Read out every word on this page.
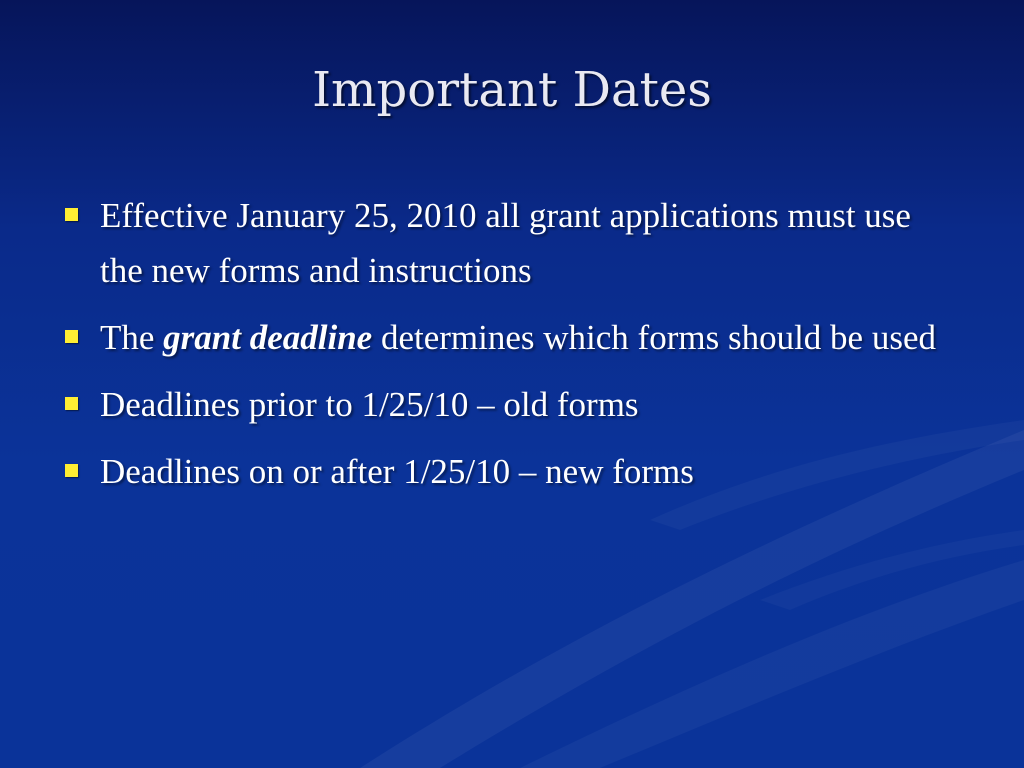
Important Dates
Effective January 25, 2010 all grant applications must use the new forms and instructions
The grant deadline determines which forms should be used
Deadlines prior to 1/25/10 – old forms
Deadlines on or after 1/25/10 – new forms
